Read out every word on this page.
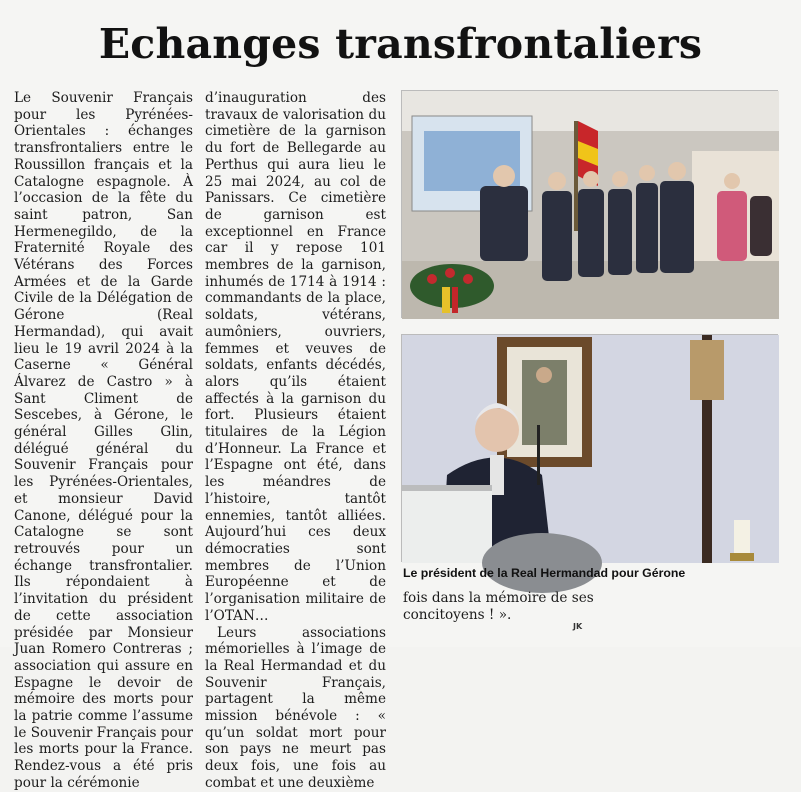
Echanges transfrontaliers

Le Souvenir Français pour les Pyrénées-Orientales : échanges transfrontaliers entre le Roussillon français et la Catalogne espagnole. À l’occasion de la fête du saint patron, San Hermenegildo, de la Fraternité Royale des Vétérans des Forces Armées et de la Garde Civile de la Délégation de Gérone (Real Hermandad), qui avait lieu le 19 avril 2024 à la Caserne « Général Álvarez de Castro » à Sant Climent de Sescebes, à Gérone, le général Gilles Glin, délégué général du Souvenir Français pour les Pyrénées-Orientales, et monsieur David Canone, délégué pour la Catalogne se sont retrouvés pour un échange transfrontalier. Ils répondaient à l’invitation du président de cette association présidée par Monsieur Juan Romero Contreras ; association qui assure en Espagne le devoir de mémoire des morts pour la patrie comme l’assume le Souvenir Français pour les morts pour la France. Rendez-vous a été pris pour la cérémonie

d’inauguration des travaux de valorisation du cimetière de la garnison du fort de Bellegarde au Perthus qui aura lieu le 25 mai 2024, au col de Panissars. Ce cimetière de garnison est exceptionnel en France car il y repose 101 membres de la garnison, inhumés de 1714 à 1914 : commandants de la place, soldats, vétérans, aumôniers, ouvriers, femmes et veuves de soldats, enfants décédés, alors qu’ils étaient affectés à la garnison du fort. Plusieurs étaient titulaires de la Légion d’Honneur. La France et l’Espagne ont été, dans les méandres de l’histoire, tantôt ennemies, tantôt alliées. Aujourd’hui ces deux démocraties sont membres de l’Union Européenne et de l’organisation militaire de l’OTAN…

Leurs associations mémorielles à l’image de la Real Hermandad et du Souvenir Français, partagent la même mission bénévole : « qu’un soldat mort pour son pays ne meurt pas deux fois, une fois au combat et une deuxième

Le président de la Real Hermandad pour Gérone

fois dans la mémoire de ses concitoyens ! ».

JK
